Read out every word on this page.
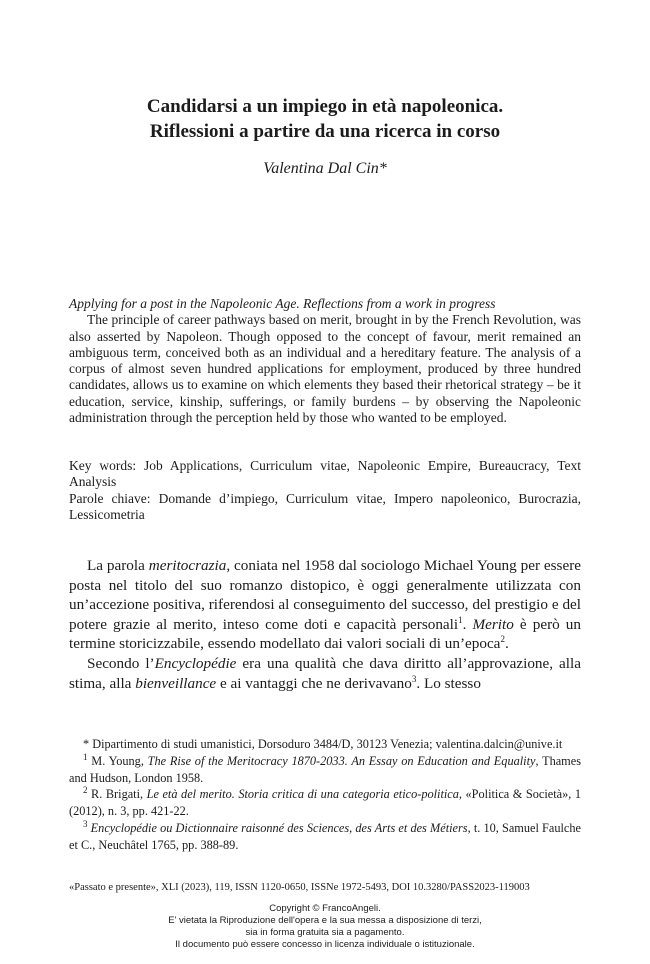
Candidarsi a un impiego in età napoleonica.
Riflessioni a partire da una ricerca in corso
Valentina Dal Cin*
Applying for a post in the Napoleonic Age. Reflections from a work in progress

The principle of career pathways based on merit, brought in by the French Revolution, was also asserted by Napoleon. Though opposed to the concept of favour, merit remained an ambiguous term, conceived both as an individual and a hereditary feature. The analysis of a corpus of almost seven hundred applications for employment, produced by three hundred candidates, allows us to examine on which elements they based their rhetorical strategy – be it education, service, kinship, sufferings, or family burdens – by observing the Napoleonic administration through the perception held by those who wanted to be employed.

Key words: Job Applications, Curriculum vitae, Napoleonic Empire, Bureaucracy, Text Analysis

Parole chiave: Domande d’impiego, Curriculum vitae, Impero napoleonico, Burocrazia, Lessicometria

La parola meritocrazia, coniata nel 1958 dal sociologo Michael Young per essere posta nel titolo del suo romanzo distopico, è oggi generalmente utilizzata con un’accezione positiva, riferendosi al conseguimento del successo, del prestigio e del potere grazie al merito, inteso come doti e capacità personali$^1$. Merito è però un termine storicizzabile, essendo modellato dai valori sociali di un’epoca$^2$.

Secondo l’Encyclopédie era una qualità che dava diritto all’approvazione, alla stima, alla bienveillance e ai vantaggi che ne derivavano$^3$. Lo stesso

* Dipartimento di studi umanistici, Dorsoduro 3484/D, 30123 Venezia; valentina.dalcin@unive.it

$^1$ M. Young, The Rise of the Meritocracy 1870-2033. An Essay on Education and Equality, Thames and Hudson, London 1958.

$^2$ R. Brigati, Le età del merito. Storia critica di una categoria etico-politica, «Politica & Società», 1 (2012), n. 3, pp. 421-22.

$^3$ Encyclopédie ou Dictionnaire raisonné des Sciences, des Arts et des Métiers, t. 10, Samuel Faulche et C., Neuchâtel 1765, pp. 388-89.

«Passato e presente», XLI (2023), 119, ISSN 1120-0650, ISSNe 1972-5493, DOI 10.3280/PASS2023-119003
Copyright © FrancoAngeli.
E' vietata la Riproduzione dell'opera e la sua messa a disposizione di terzi,
sia in forma gratuita sia a pagamento.
Il documento può essere concesso in licenza individuale o istituzionale.
